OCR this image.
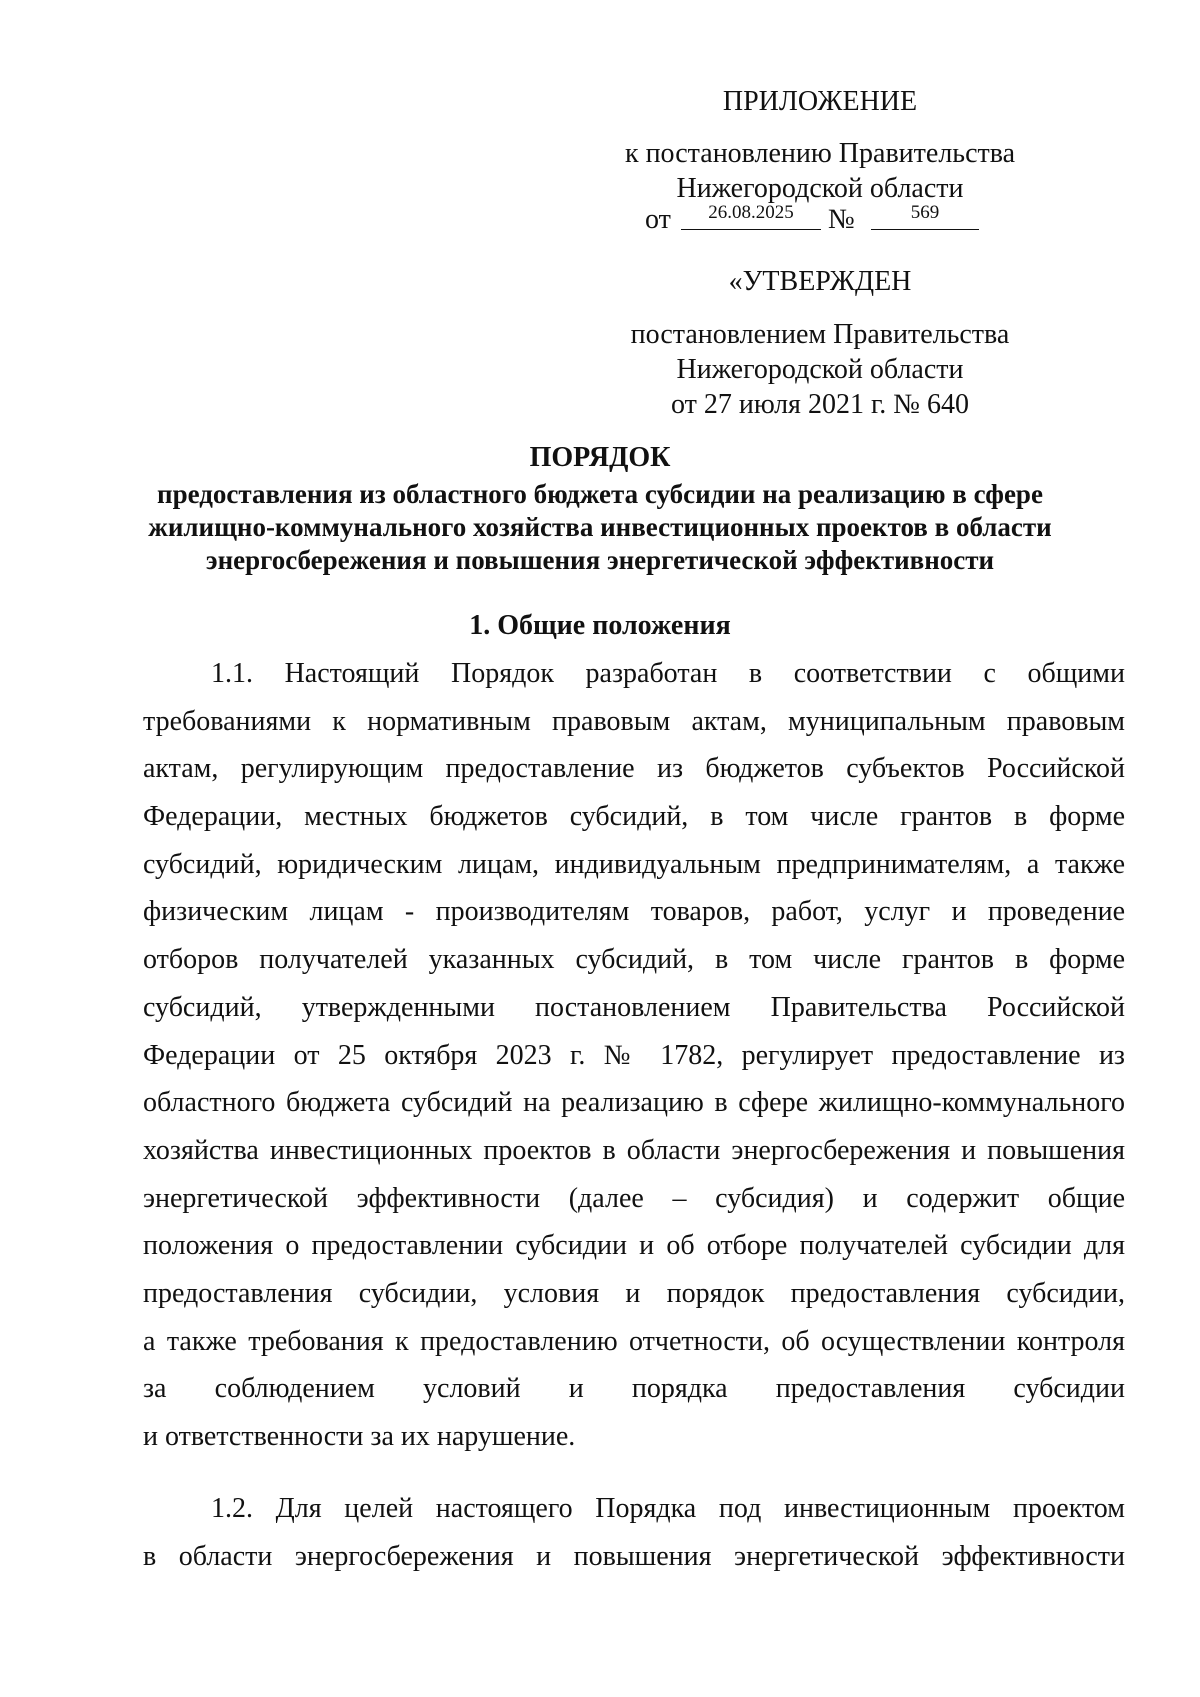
ПРИЛОЖЕНИЕ
к постановлению Правительства
Нижегородской области
от	26.08.2025	№	569
«УТВЕРЖДЕН
постановлением Правительства
Нижегородской области
от 27 июля 2021 г. № 640
ПОРЯДОК
предоставления из областного бюджета субсидии на реализацию в сфере
жилищно-коммунального хозяйства инвестиционных проектов в области
энергосбережения и повышения энергетической эффективности
1. Общие положения
1.1. Настоящий Порядок разработан в соответствии с общими
требованиями к нормативным правовым актам, муниципальным правовым
актам, регулирующим предоставление из бюджетов субъектов Российской
Федерации, местных бюджетов субсидий, в том числе грантов в форме
субсидий, юридическим лицам, индивидуальным предпринимателям, а также
физическим лицам - производителям товаров, работ, услуг и проведение
отборов получателей указанных субсидий, в том числе грантов в форме
субсидий, утвержденными постановлением Правительства Российской
Федерации от 25 октября 2023 г. № 1782, регулирует предоставление из
областного бюджета субсидий на реализацию в сфере жилищно-коммунального
хозяйства инвестиционных проектов в области энергосбережения и повышения
энергетической эффективности (далее – субсидия) и содержит общие
положения о предоставлении субсидии и об отборе получателей субсидии для
предоставления субсидии, условия и порядок предоставления субсидии,
а также требования к предоставлению отчетности, об осуществлении контроля
за соблюдением условий и порядка предоставления субсидии
и ответственности за их нарушение.
1.2. Для целей настоящего Порядка под инвестиционным проектом
в области энергосбережения и повышения энергетической эффективности
